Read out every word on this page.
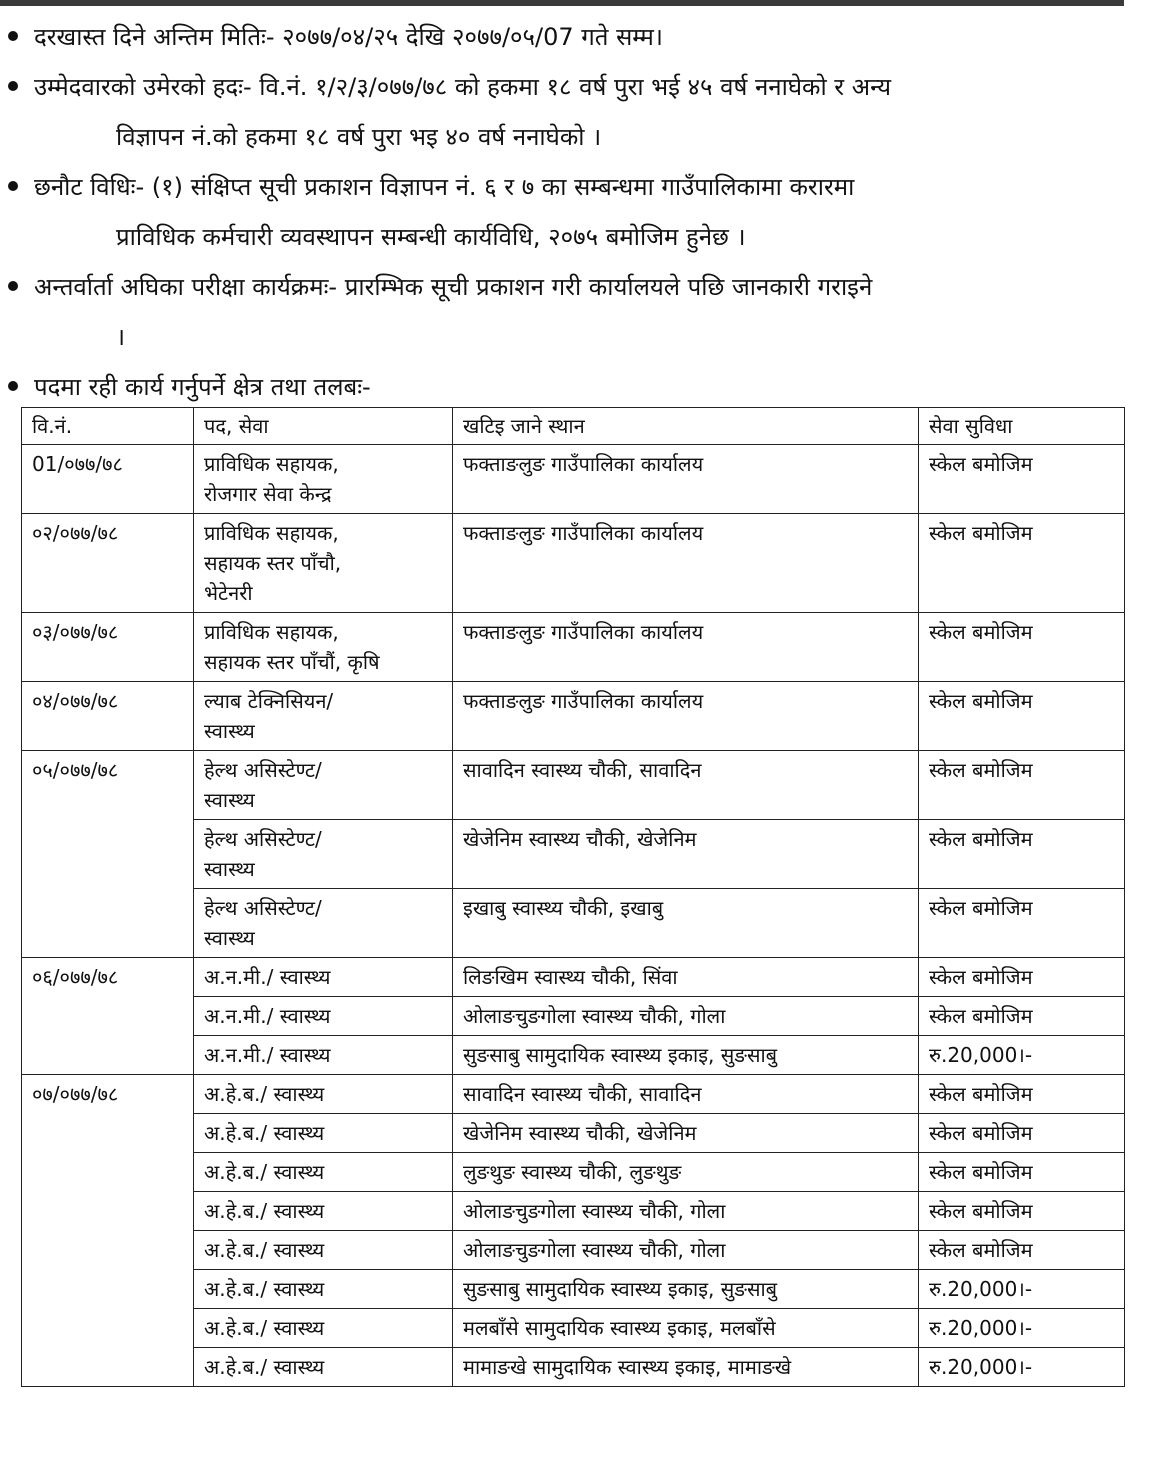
दरखास्त दिने अन्तिम मितिः- २०७७/०४/२५ देखि २०७७/०५/07 गते सम्म।
उम्मेदवारको उमेरको हदः- वि.नं. १/२/३/०७७/७८ को हकमा १८ वर्ष पुरा भई ४५ वर्ष ननाघेको र अन्य
विज्ञापन नं.को हकमा १८ वर्ष पुरा भइ ४० वर्ष ननाघेको ।
छनौट विधिः- (१) संक्षिप्त सूची प्रकाशन विज्ञापन नं. ६ र ७ का सम्बन्धमा गाउँपालिकामा करारमा
प्राविधिक कर्मचारी व्यवस्थापन सम्बन्धी कार्यविधि, २०७५ बमोजिम हुनेछ ।
अन्तर्वार्ता अघिका परीक्षा कार्यक्रमः- प्रारम्भिक सूची प्रकाशन गरी कार्यालयले पछि जानकारी गराइने
।
पदमा रही कार्य गर्नुपर्ने क्षेत्र तथा तलबः-
वि.नं.	पद, सेवा	खटिइ जाने स्थान	सेवा सुविधा
01/०७७/७८	प्राविधिक सहायक,
रोजगार सेवा केन्द्र	फक्ताङलुङ गाउँपालिका कार्यालय	स्केल बमोजिम
०२/०७७/७८	प्राविधिक सहायक,
सहायक स्तर पाँचौ,
भेटेनरी	फक्ताङलुङ गाउँपालिका कार्यालय	स्केल बमोजिम
०३/०७७/७८	प्राविधिक सहायक,
सहायक स्तर पाँचौं, कृषि	फक्ताङलुङ गाउँपालिका कार्यालय	स्केल बमोजिम
०४/०७७/७८	ल्याब टेक्निसियन/
स्वास्थ्य	फक्ताङलुङ गाउँपालिका कार्यालय	स्केल बमोजिम
०५/०७७/७८	हेल्थ असिस्टेण्ट/
स्वास्थ्य	सावादिन स्वास्थ्य चौकी, सावादिन	स्केल बमोजिम

	हेल्थ असिस्टेण्ट/
स्वास्थ्य	खेजेनिम स्वास्थ्य चौकी, खेजेनिम	स्केल बमोजिम

	हेल्थ असिस्टेण्ट/
स्वास्थ्य	इखाबु स्वास्थ्य चौकी, इखाबु	स्केल बमोजिम
०६/०७७/७८	अ.न.मी./ स्वास्थ्य	लिङखिम स्वास्थ्य चौकी, सिंवा	स्केल बमोजिम

	अ.न.मी./ स्वास्थ्य	ओलाङचुङगोला स्वास्थ्य चौकी, गोला	स्केल बमोजिम

	अ.न.मी./ स्वास्थ्य	सुङसाबु सामुदायिक स्वास्थ्य इकाइ, सुङसाबु	रु.20,000।-
०७/०७७/७८	अ.हे.ब./ स्वास्थ्य	सावादिन स्वास्थ्य चौकी, सावादिन	स्केल बमोजिम

	अ.हे.ब./ स्वास्थ्य	खेजेनिम स्वास्थ्य चौकी, खेजेनिम	स्केल बमोजिम

	अ.हे.ब./ स्वास्थ्य	लुङथुङ स्वास्थ्य चौकी, लुङथुङ	स्केल बमोजिम

	अ.हे.ब./ स्वास्थ्य	ओलाङचुङगोला स्वास्थ्य चौकी, गोला	स्केल बमोजिम

	अ.हे.ब./ स्वास्थ्य	ओलाङचुङगोला स्वास्थ्य चौकी, गोला	स्केल बमोजिम

	अ.हे.ब./ स्वास्थ्य	सुङसाबु सामुदायिक स्वास्थ्य इकाइ, सुङसाबु	रु.20,000।-

	अ.हे.ब./ स्वास्थ्य	मलबाँसे सामुदायिक स्वास्थ्य इकाइ, मलबाँसे	रु.20,000।-

	अ.हे.ब./ स्वास्थ्य	मामाङखे सामुदायिक स्वास्थ्य इकाइ, मामाङखे	रु.20,000।-
